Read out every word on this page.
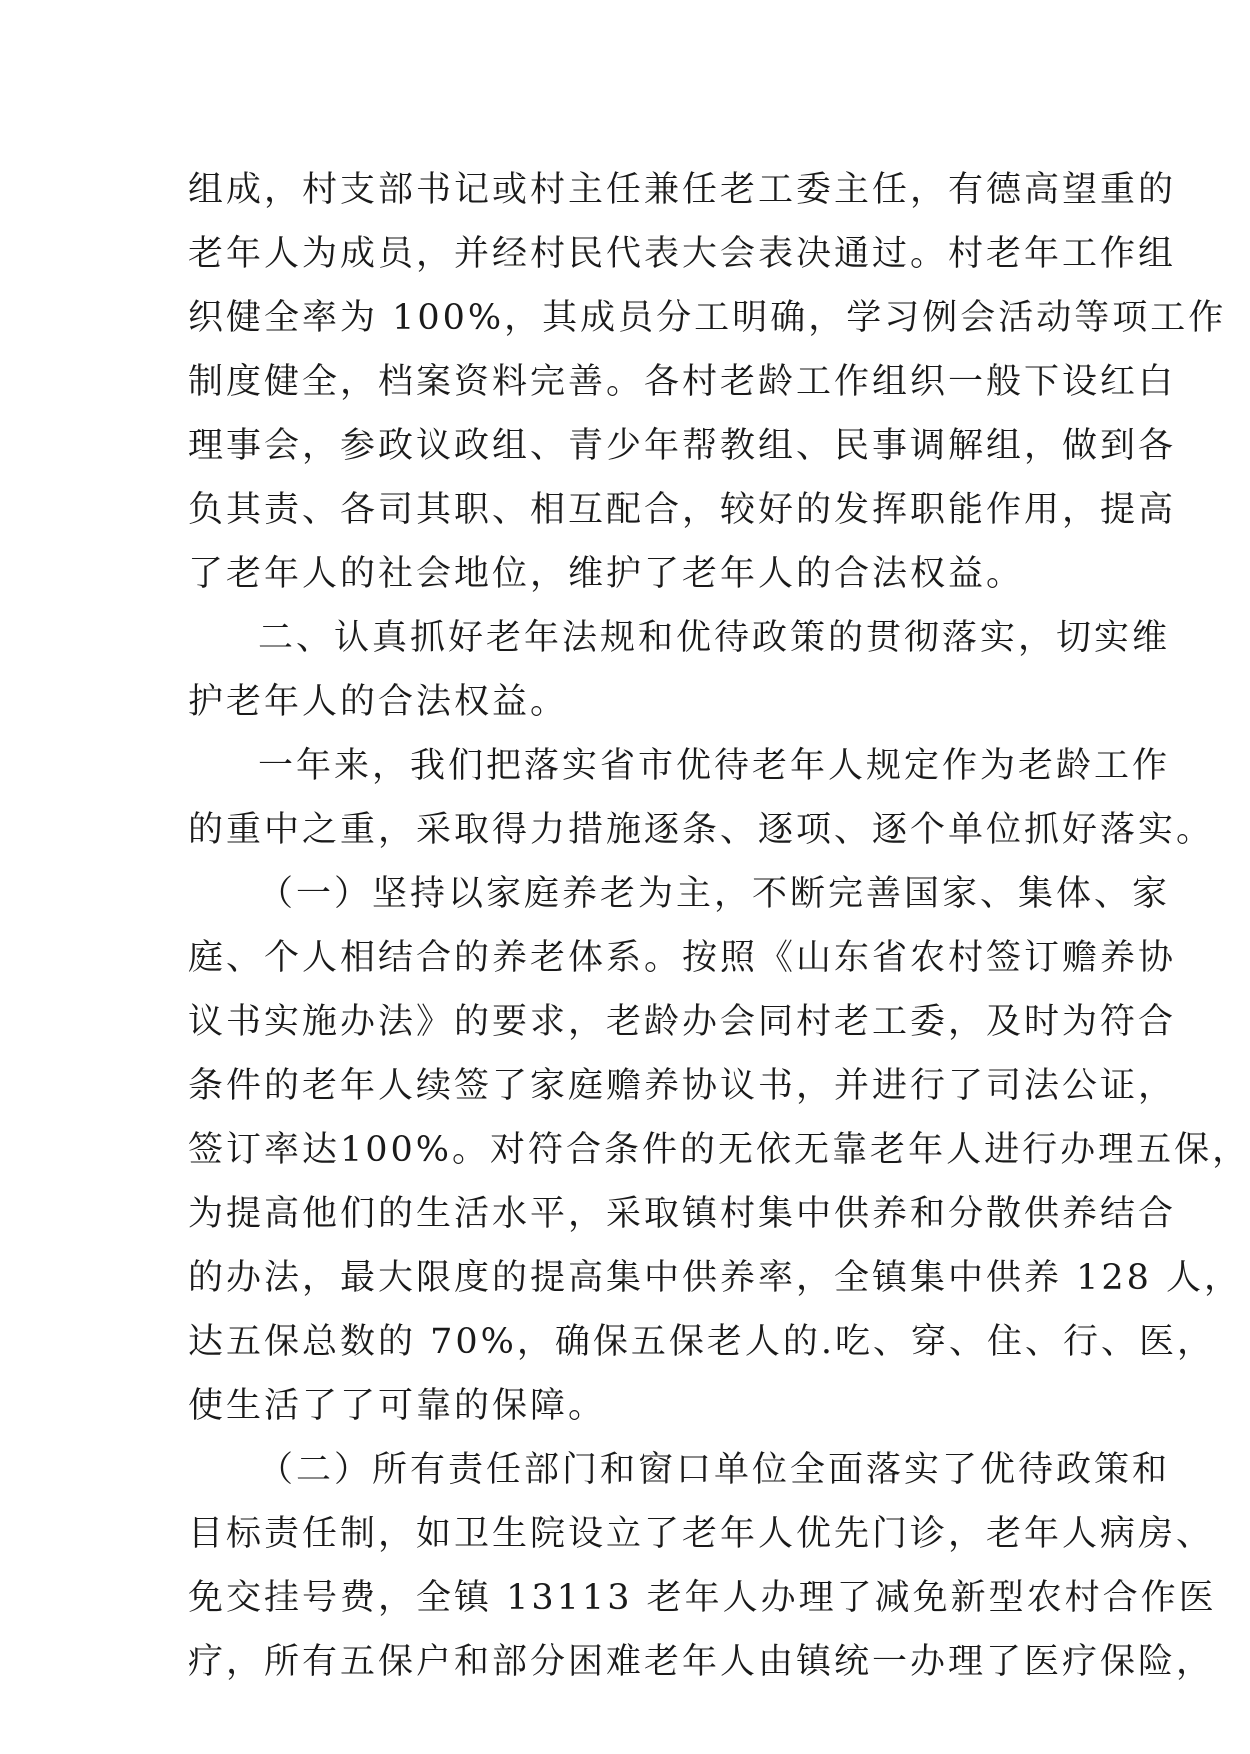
组成，村支部书记或村主任兼任老工委主任，有德高望重的
老年人为成员，并经村民代表大会表决通过。村老年工作组
织健全率为 100%，其成员分工明确，学习例会活动等项工作
制度健全，档案资料完善。各村老龄工作组织一般下设红白
理事会，参政议政组、青少年帮教组、民事调解组，做到各
负其责、各司其职、相互配合，较好的发挥职能作用，提高
了老年人的社会地位，维护了老年人的合法权益。
二、认真抓好老年法规和优待政策的贯彻落实，切实维
护老年人的合法权益。
一年来，我们把落实省市优待老年人规定作为老龄工作
的重中之重，采取得力措施逐条、逐项、逐个单位抓好落实。
（一）坚持以家庭养老为主，不断完善国家、集体、家
庭、个人相结合的养老体系。按照《山东省农村签订赡养协
议书实施办法》的要求，老龄办会同村老工委，及时为符合
条件的老年人续签了家庭赡养协议书，并进行了司法公证，
签订率达100%。对符合条件的无依无靠老年人进行办理五保，
为提高他们的生活水平，采取镇村集中供养和分散供养结合
的办法，最大限度的提高集中供养率，全镇集中供养 128 人，
达五保总数的 70%，确保五保老人的.吃、穿、住、行、医，
使生活了了可靠的保障。
（二）所有责任部门和窗口单位全面落实了优待政策和
目标责任制，如卫生院设立了老年人优先门诊，老年人病房、
免交挂号费，全镇 13113 老年人办理了减免新型农村合作医
疗，所有五保户和部分困难老年人由镇统一办理了医疗保险，
